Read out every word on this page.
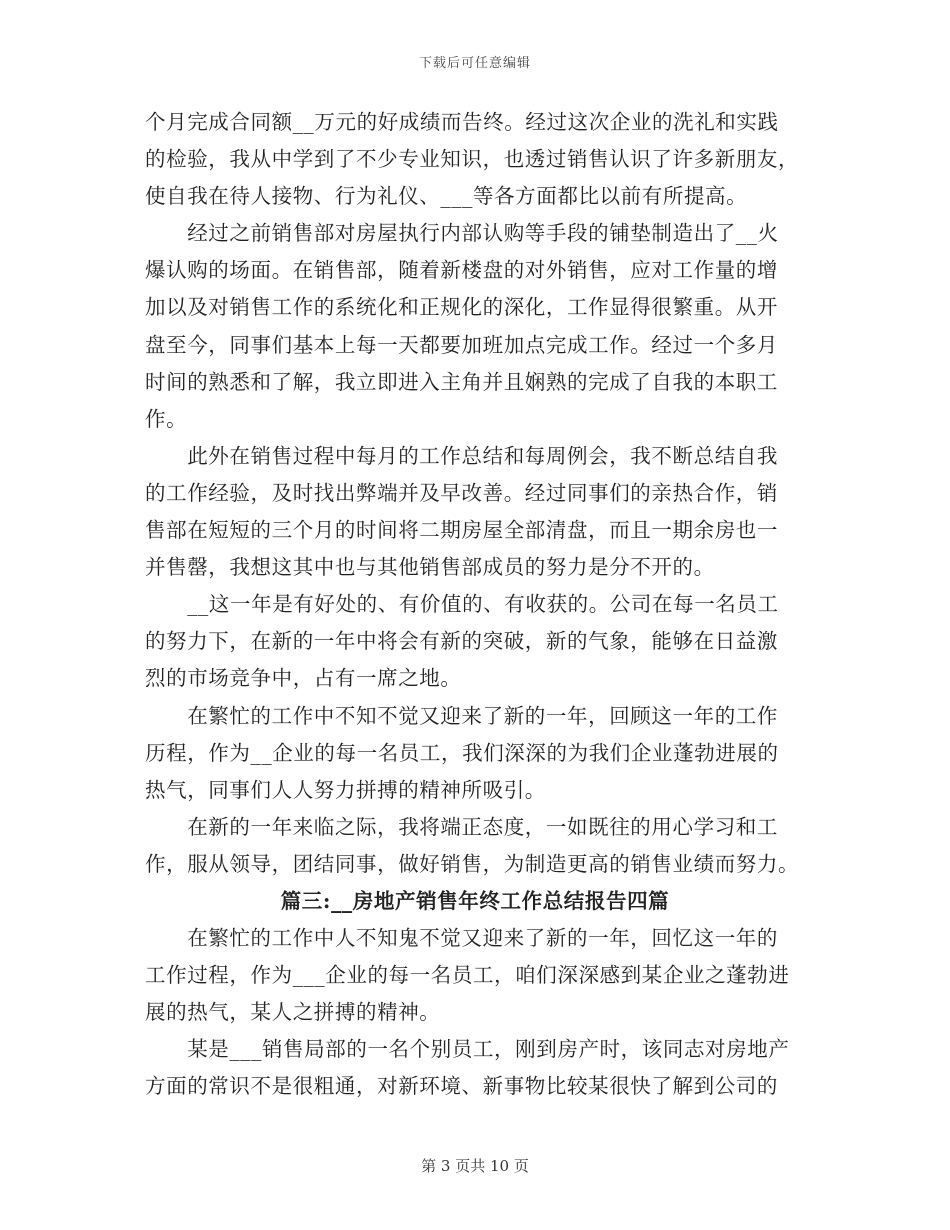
下载后可任意编辑
个月完成合同额__万元的好成绩而告终。经过这次企业的洗礼和实践
的检验，我从中学到了不少专业知识，也透过销售认识了许多新朋友，
使自我在待人接物、行为礼仪、___等各方面都比以前有所提高。
　　经过之前销售部对房屋执行内部认购等手段的铺垫制造出了__火
爆认购的场面。在销售部，随着新楼盘的对外销售，应对工作量的增
加以及对销售工作的系统化和正规化的深化，工作显得很繁重。从开
盘至今，同事们基本上每一天都要加班加点完成工作。经过一个多月
时间的熟悉和了解，我立即进入主角并且娴熟的完成了自我的本职工
作。
　　此外在销售过程中每月的工作总结和每周例会，我不断总结自我
的工作经验，及时找出弊端并及早改善。经过同事们的亲热合作，销
售部在短短的三个月的时间将二期房屋全部清盘，而且一期余房也一
并售罄，我想这其中也与其他销售部成员的努力是分不开的。
　　__这一年是有好处的、有价值的、有收获的。公司在每一名员工
的努力下，在新的一年中将会有新的突破，新的气象，能够在日益激
烈的市场竞争中，占有一席之地。
　　在繁忙的工作中不知不觉又迎来了新的一年，回顾这一年的工作
历程，作为__企业的每一名员工，我们深深的为我们企业蓬勃进展的
热气，同事们人人努力拼搏的精神所吸引。
　　在新的一年来临之际，我将端正态度，一如既往的用心学习和工
作，服从领导，团结同事，做好销售，为制造更高的销售业绩而努力。
篇三:__房地产销售年终工作总结报告四篇
　　在繁忙的工作中人不知鬼不觉又迎来了新的一年，回忆这一年的
工作过程，作为___企业的每一名员工，咱们深深感到某企业之蓬勃进
展的热气，某人之拼搏的精神。
　　某是___销售局部的一名个别员工，刚到房产时，该同志对房地产
方面的常识不是很粗通，对新环境、新事物比较某很快了解到公司的
第 3 页共 10 页
